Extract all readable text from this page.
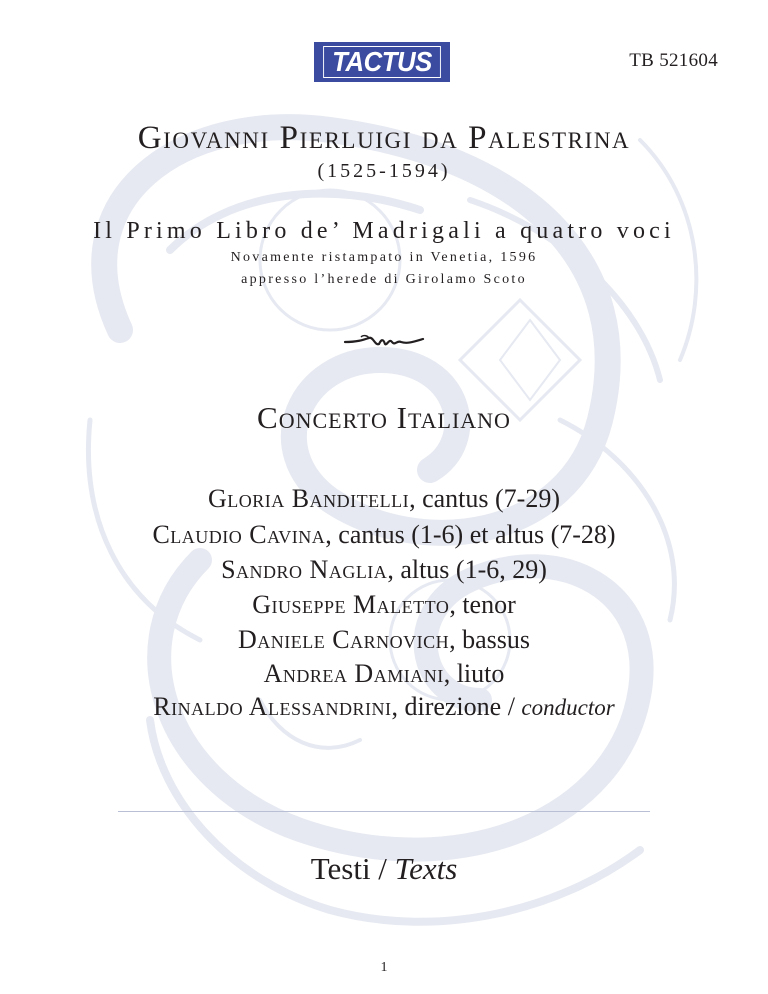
TACTUS	TB 521604
Giovanni Pierluigi da Palestrina
(1525-1594)
Il Primo Libro de’ Madrigali a quatro voci
Novamente ristampato in Venetia, 1596
appresso l’herede di Girolamo Scoto
Concerto Italiano
Gloria Banditelli, cantus (7-29)
Claudio Cavina, cantus (1-6) et altus (7-28)
Sandro Naglia, altus (1-6, 29)
Giuseppe Maletto, tenor
Daniele Carnovich, bassus
Andrea Damiani, liuto
Rinaldo Alessandrini, direzione / conductor
Testi / Texts
1
